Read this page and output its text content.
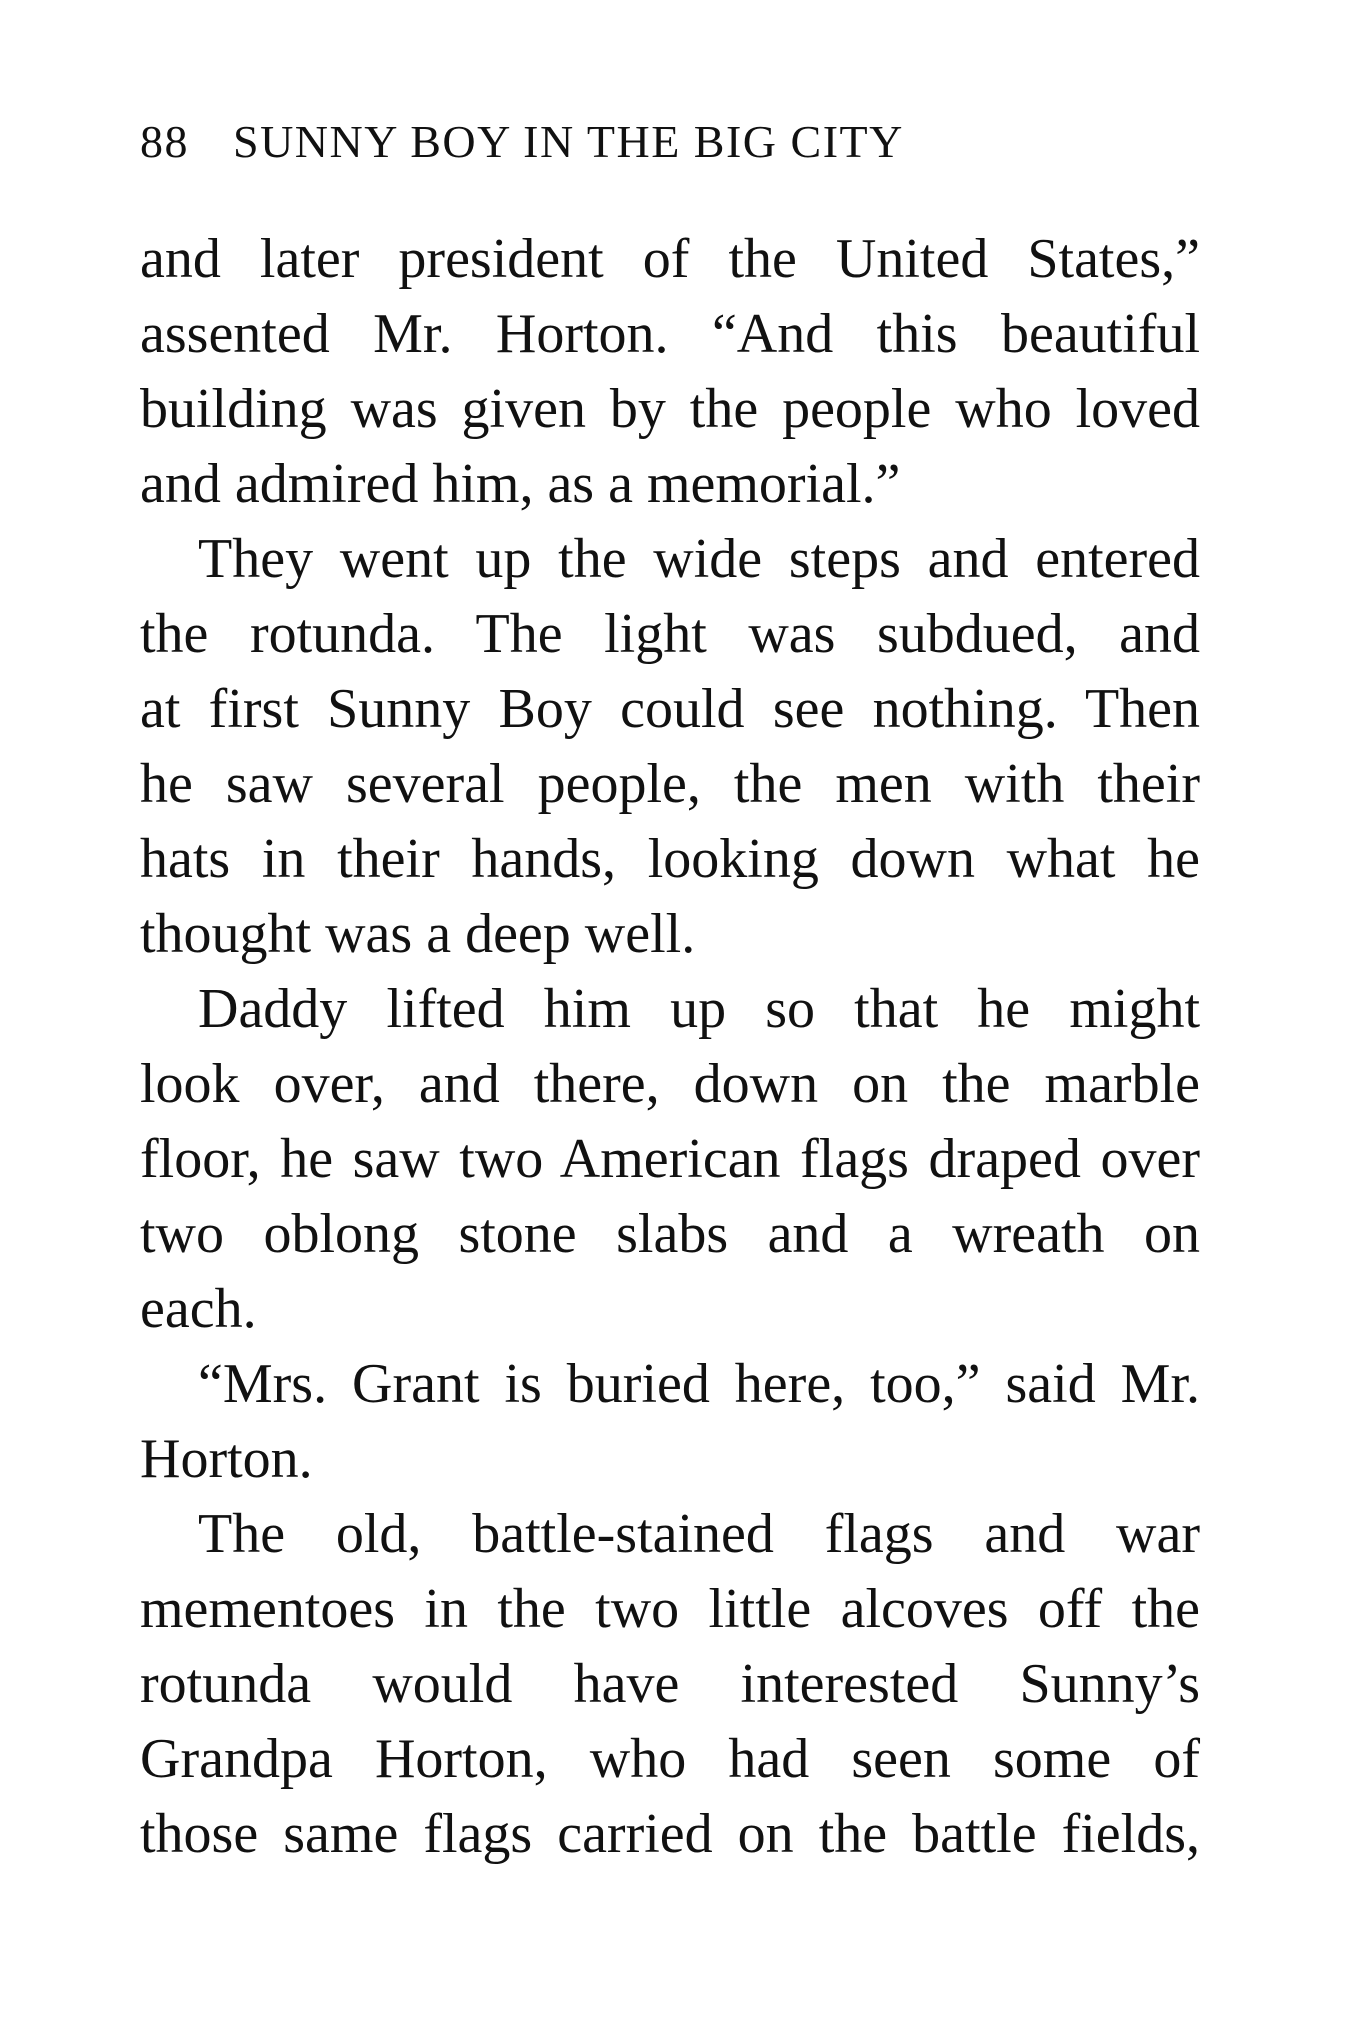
88 SUNNY BOY IN THE BIG CITY
and later president of the United States,”
assented Mr. Horton. “And this beautiful
building was given by the people who loved
and admired him, as a memorial.”
They went up the wide steps and entered
the rotunda. The light was subdued, and
at first Sunny Boy could see nothing. Then
he saw several people, the men with their
hats in their hands, looking down what he
thought was a deep well.
Daddy lifted him up so that he might
look over, and there, down on the marble
floor, he saw two American flags draped over
two oblong stone slabs and a wreath on
each.
“Mrs. Grant is buried here, too,” said Mr.
Horton.
The old, battle-stained flags and war
mementoes in the two little alcoves off the
rotunda would have interested Sunny’s
Grandpa Horton, who had seen some of
those same flags carried on the battle fields,
